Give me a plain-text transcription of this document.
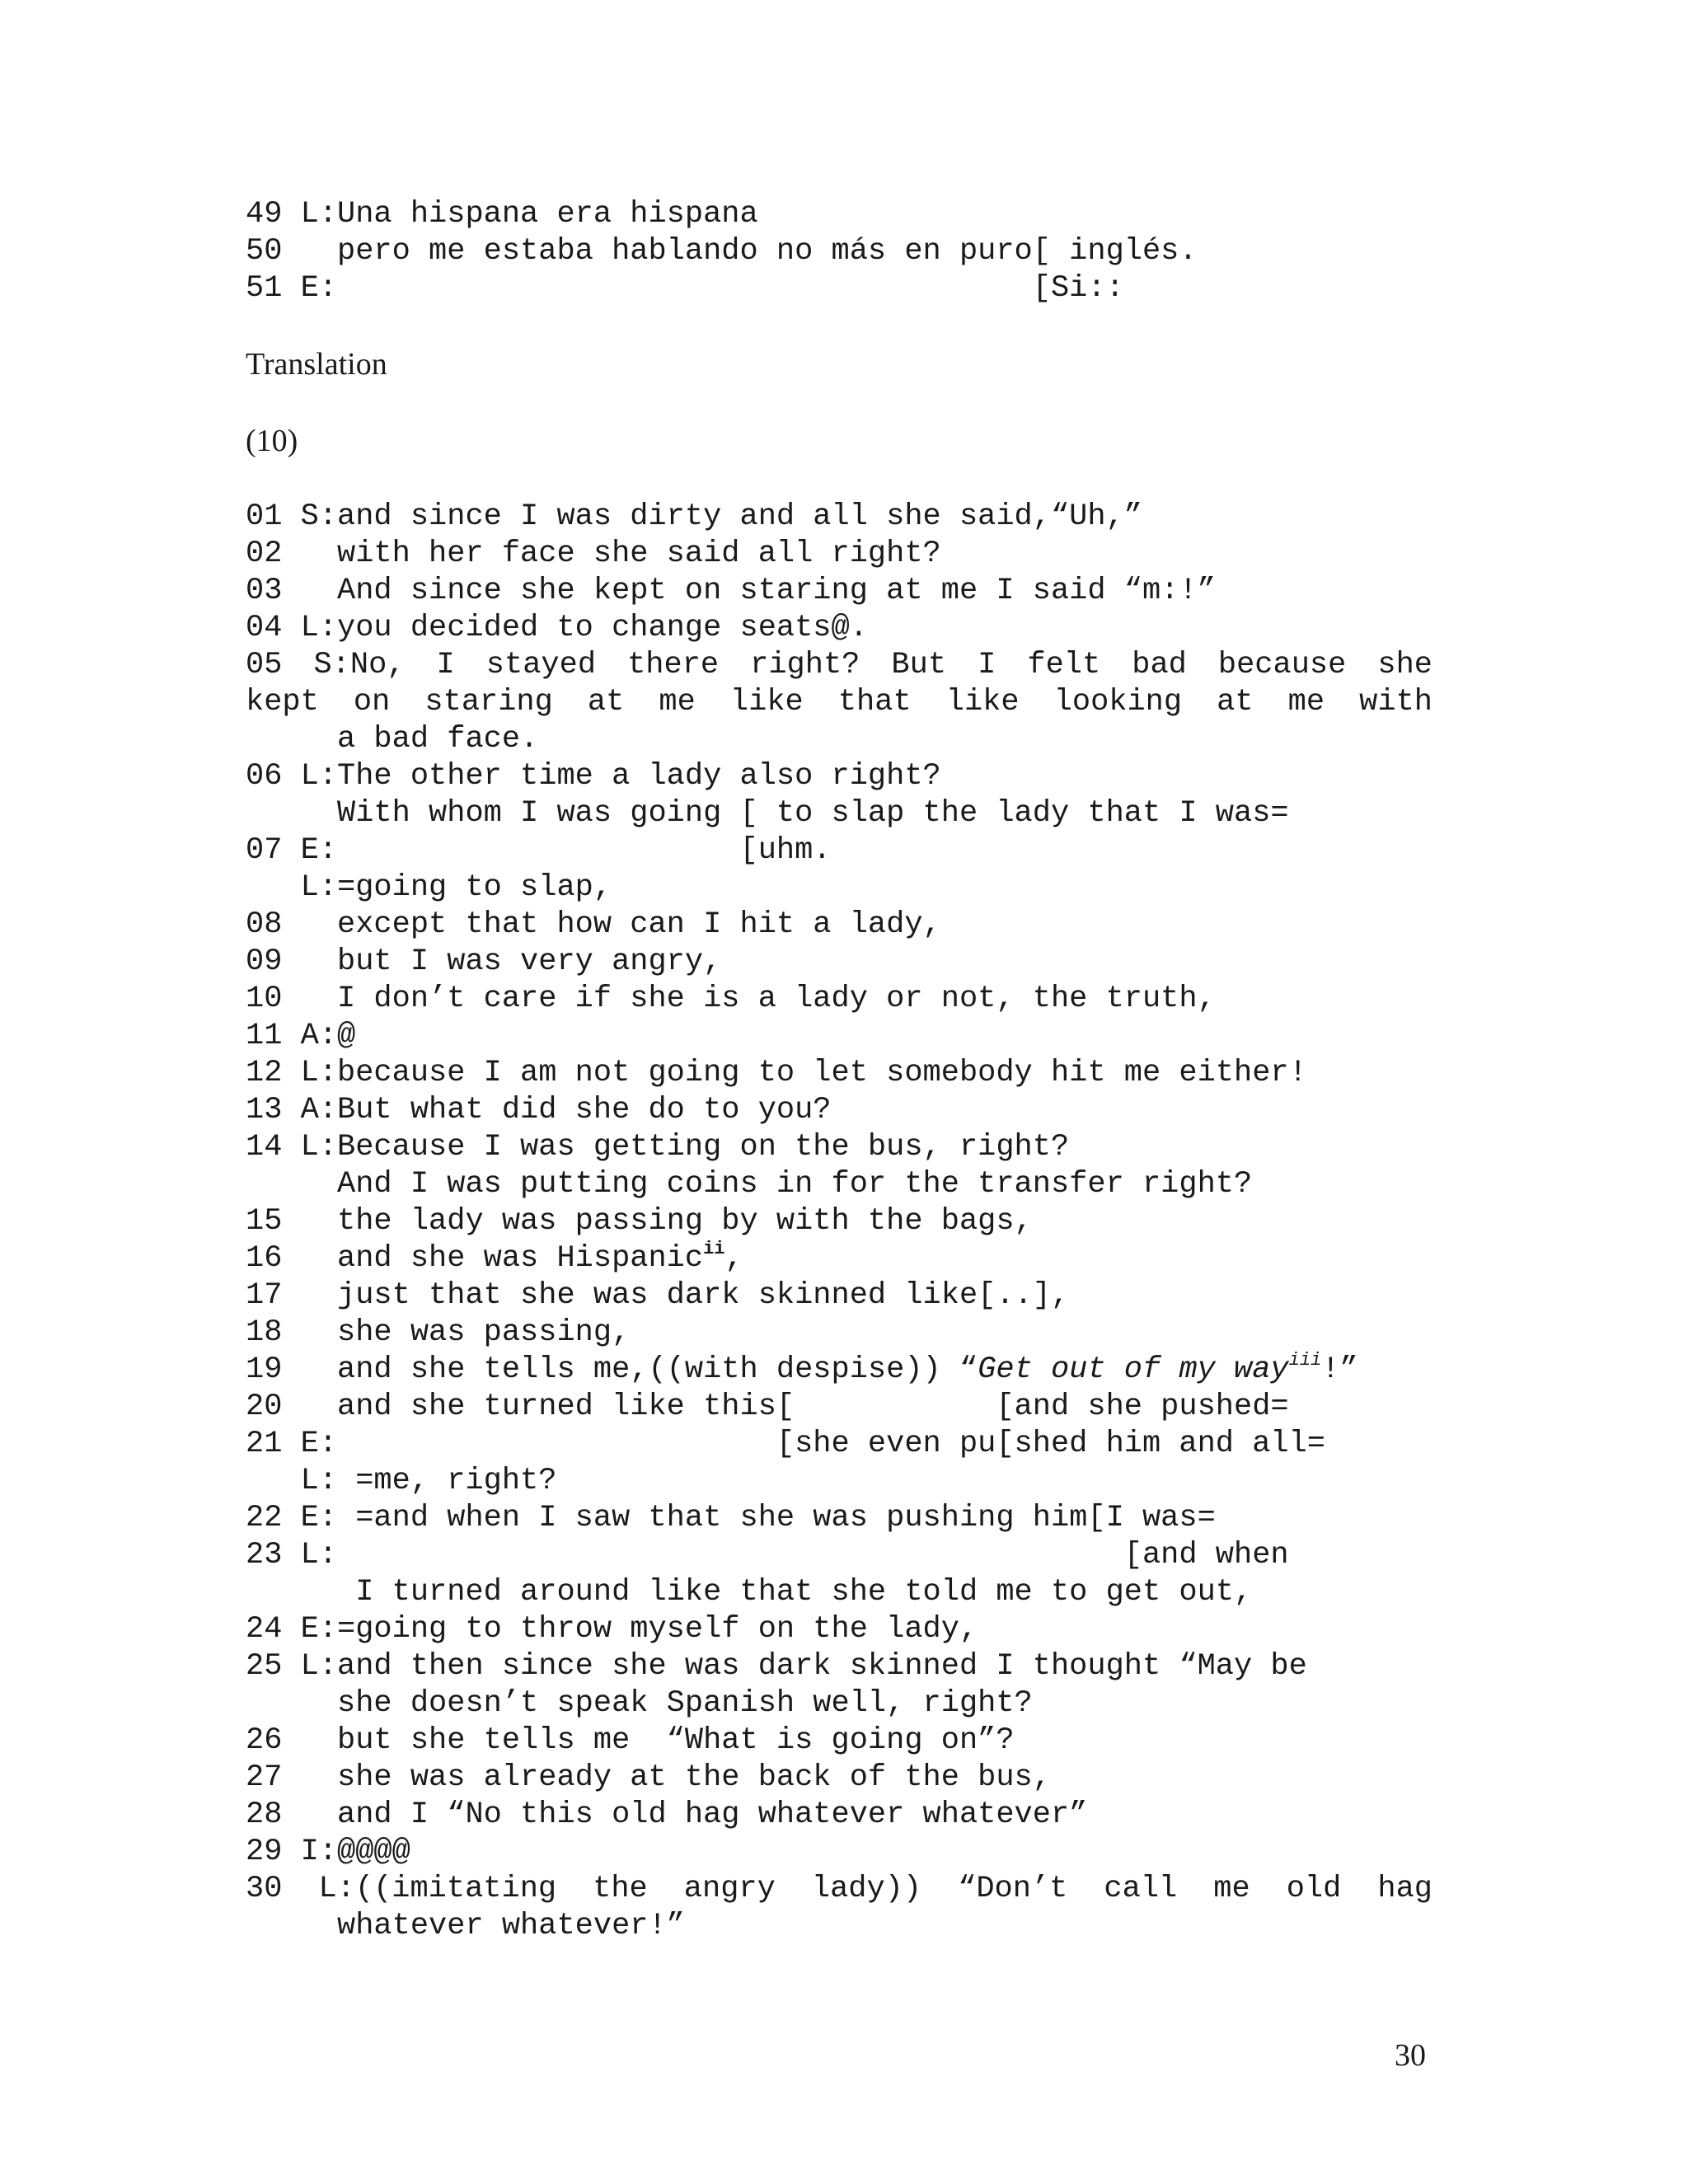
49 L:Una hispana era hispana
50   pero me estaba hablando no más en puro[ inglés.
51 E:                                      [Si::
Translation
(10)
01 S:and since I was dirty and all she said,“Uh,”
02   with her face she said all right?
03   And since she kept on staring at me I said “m:!”
04 L:you decided to change seats@.
05 S:No, I stayed there right? But I felt bad because she
kept on staring at me like that like looking at me with
a bad face.
06 L:The other time a lady also right?
With whom I was going [ to slap the lady that I was=
07 E:                      [uhm.
L:=going to slap,
08   except that how can I hit a lady,
09   but I was very angry,
10   I don’t care if she is a lady or not, the truth,
11 A:@
12 L:because I am not going to let somebody hit me either!
13 A:But what did she do to you?
14 L:Because I was getting on the bus, right?
And I was putting coins in for the transfer right?
15   the lady was passing by with the bags,
16   and she was Hispanic$^{ii}$,
17   just that she was dark skinned like[..],
18   she was passing,
19   and she tells me,((with despise)) “Get out of my way$^{iii}$!”
20   and she turned like this[           [and she pushed=
21 E:                        [she even pu[shed him and all=
L: =me, right?
22 E: =and when I saw that she was pushing him[I was=
23 L:                                           [and when
I turned around like that she told me to get out,
24 E:=going to throw myself on the lady,
25 L:and then since she was dark skinned I thought “May be
she doesn’t speak Spanish well, right?
26   but she tells me  “What is going on”?
27   she was already at the back of the bus,
28   and I “No this old hag whatever whatever”
29 I:@@@@
30 L:((imitating the angry lady)) “Don’t call me old hag
whatever whatever!”
30
